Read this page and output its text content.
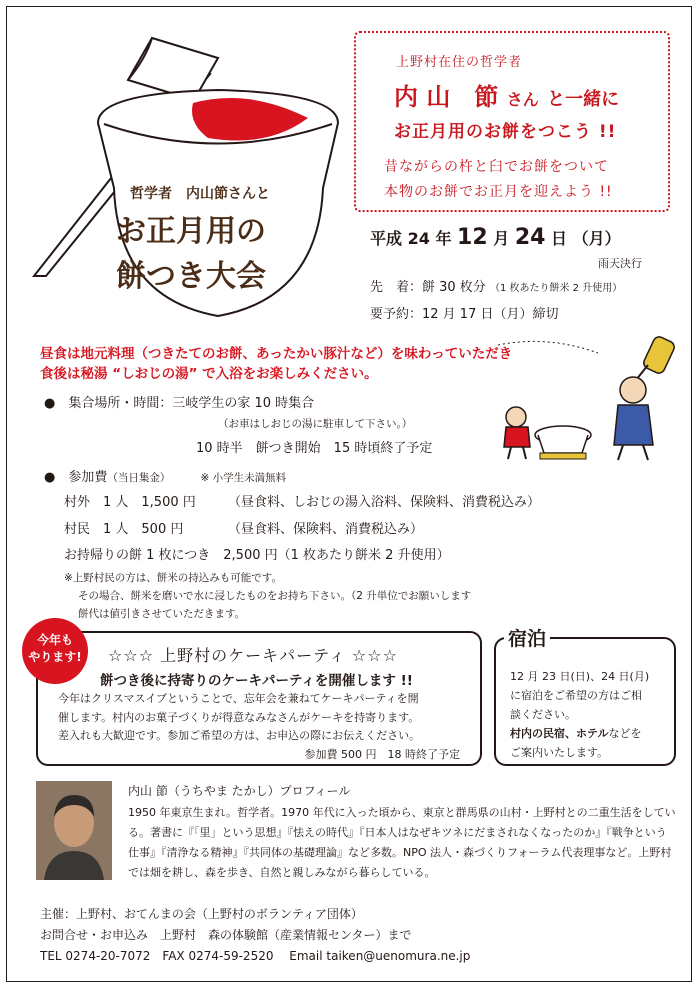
哲学者　内山節さんと
お正月用の
餅つき大会
上野村在住の哲学者
内 山　節 さん と一緒に
お正月用のお餅をつこう !!
昔ながらの杵と臼でお餅をついて
本物のお餅でお正月を迎えよう !!
平成 24 年 12 月 24 日 （月）
雨天決行
先　着：餅 30 枚分 （1 枚あたり餅米 2 升使用）
要予約：12 月 17 日（月）締切
昼食は地元料理（つきたてのお餅、あったかい豚汁など）を味わっていただき
食後は秘湯 “しおじの湯” で入浴をお楽しみください。
●　集合場所・時間：三岐学生の家 10 時集合
（お車はしおじの湯に駐車して下さい。）
10 時半　餅つき開始　15 時頃終了予定
●　参加費（当日集金）	※ 小学生未満無料
村外　1 人　1,500 円 （昼食料、しおじの湯入浴料、保険料、消費税込み）
村民　1 人　500 円	（昼食料、保険料、消費税込み）
お持帰りの餅 1 枚につき　2,500 円（1 枚あたり餅米 2 升使用）
※上野村民の方は、餅米の持込みも可能です。
その場合、餅米を磨いで水に浸したものをお持ち下さい。（2 升単位でお願いします
餅代は値引きさせていただきます。
☆☆☆ 上野村のケーキパーティ ☆☆☆
餅つき後に持寄りのケーキパーティを開催します !!
今年はクリスマスイブということで、忘年会を兼ねてケーキパーティを開
催します。村内のお菓子づくりが得意なみなさんがケーキを持寄ります。
差入れも大歓迎です。参加ご希望の方は、お申込の際にお伝えください。
参加費 500 円　18 時終了予定
今年も
やります!
12 月 23 日(日)、24 日(月)
に宿泊をご希望の方はご相
談ください。
村内の民宿、ホテルなどを
ご案内いたします。
宿泊
内山 節（うちやま たかし）プロフィール
1950 年東京生まれ。哲学者。1970 年代に入った頃から、東京と群馬県の山村・上野村との二重生活をしている。著書に『「里」という思想』『怯えの時代』『日本人はなぜキツネにだまされなくなったのか』『戦争という仕事』『清浄なる精神』『共同体の基礎理論』など多数。NPO 法人・森づくりフォーラム代表理事など。上野村では畑を耕し、森を歩き、自然と親しみながら暮らしている。
主催：上野村、おてんまの会（上野村のボランティア団体）
お問合せ・お申込み　上野村　森の体験館（産業情報センター）まで
TEL 0274-20-7072　FAX 0274-59-2520　 Email taiken@uenomura.ne.jp
